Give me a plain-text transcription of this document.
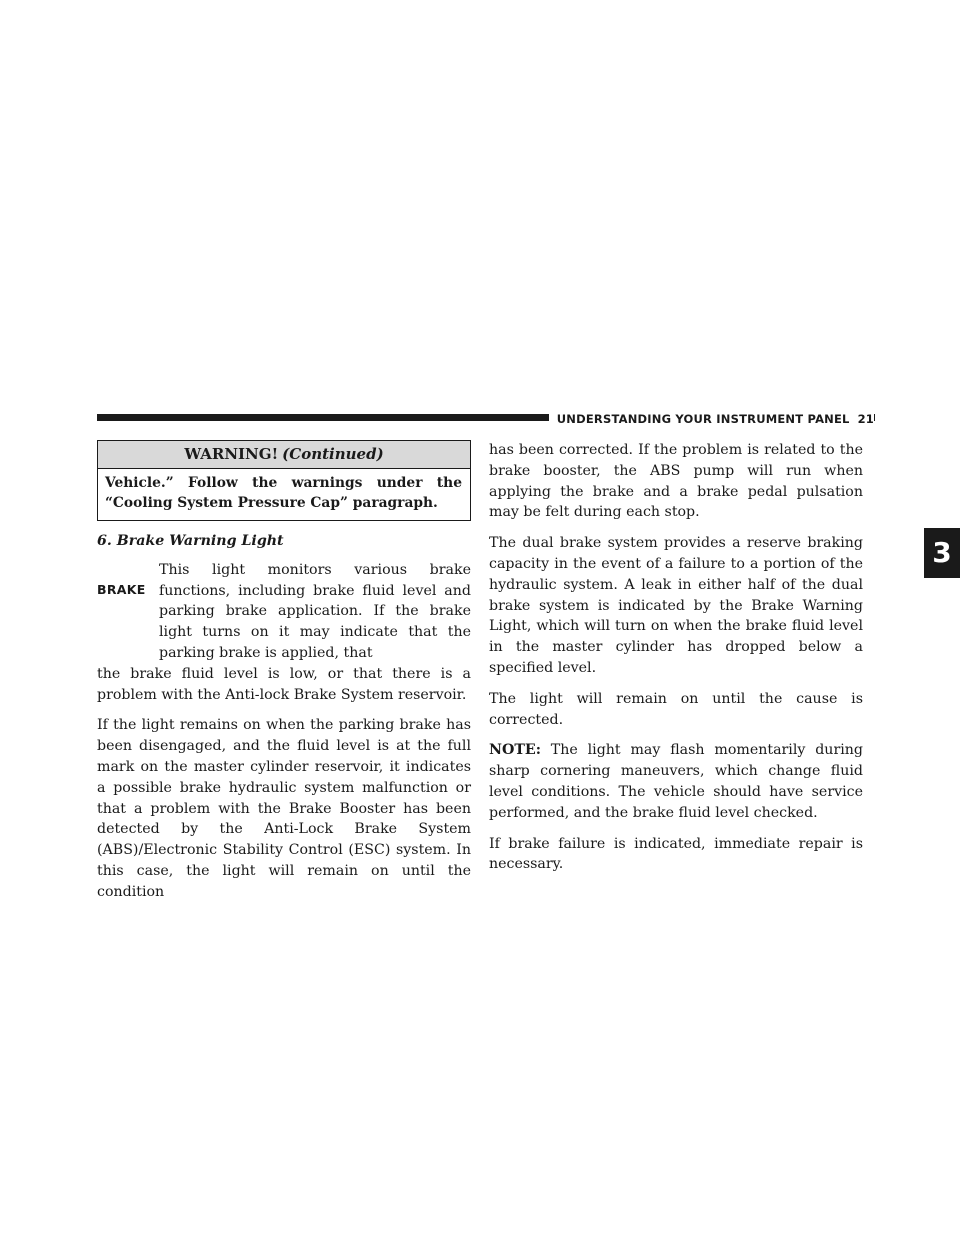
UNDERSTANDING YOUR INSTRUMENT PANEL 21
3
WARNING! (Continued)
Vehicle.” Follow the warnings under the “Cooling System Pressure Cap” paragraph.
6. Brake Warning Light
BRAKE

This light monitors various brake functions, including brake fluid level and parking brake application. If the brake light turns on it may indicate that the parking brake is applied, that

the brake fluid level is low, or that there is a problem with the Anti-lock Brake System reservoir.

If the light remains on when the parking brake has been disengaged, and the fluid level is at the full mark on the master cylinder reservoir, it indicates a possible brake hydraulic system malfunction or that a problem with the Brake Booster has been detected by the Anti-Lock Brake System (ABS)/Electronic Stability Control (ESC) system. In this case, the light will remain on until the condition

has been corrected. If the problem is related to the brake booster, the ABS pump will run when applying the brake and a brake pedal pulsation may be felt during each stop.

The dual brake system provides a reserve braking capacity in the event of a failure to a portion of the hydraulic system. A leak in either half of the dual brake system is indicated by the Brake Warning Light, which will turn on when the brake fluid level in the master cylinder has dropped below a specified level.

The light will remain on until the cause is corrected.

NOTE: The light may flash momentarily during sharp cornering maneuvers, which change fluid level conditions. The vehicle should have service performed, and the brake fluid level checked.

If brake failure is indicated, immediate repair is necessary.
